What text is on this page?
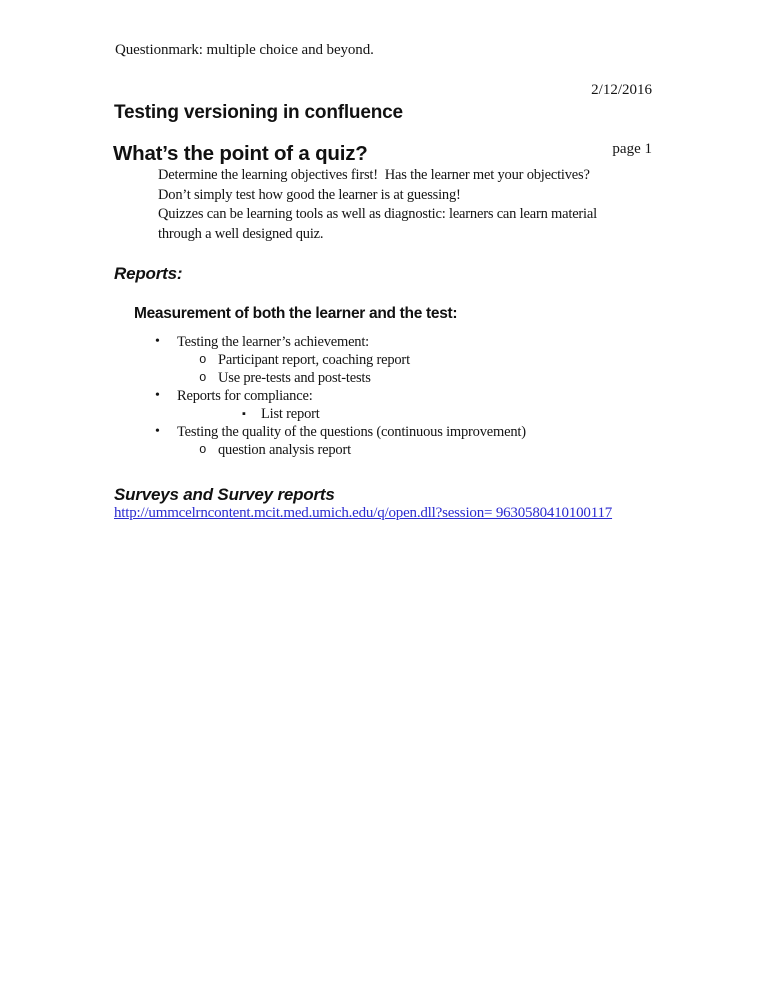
Questionmark: multiple choice and beyond.

2/12/2016

page 1

Testing versioning in confluence
What’s the point of a quiz?
Determine the learning objectives first!  Has the learner met your objectives?
Don’t simply test how good the learner is at guessing!
Quizzes can be learning tools as well as diagnostic: learners can learn material
through a well designed quiz.
Reports:
Measurement of both the learner and the test:
• Testing the learner’s achievement:
o Participant report, coaching report
o Use pre-tests and post-tests
• Reports for compliance:
▪ List report
• Testing the quality of the questions (continuous improvement)
o question analysis report
Surveys and Survey reports
http://ummcelrncontent.mcit.med.umich.edu/q/open.dll?session= 9630580410100117
